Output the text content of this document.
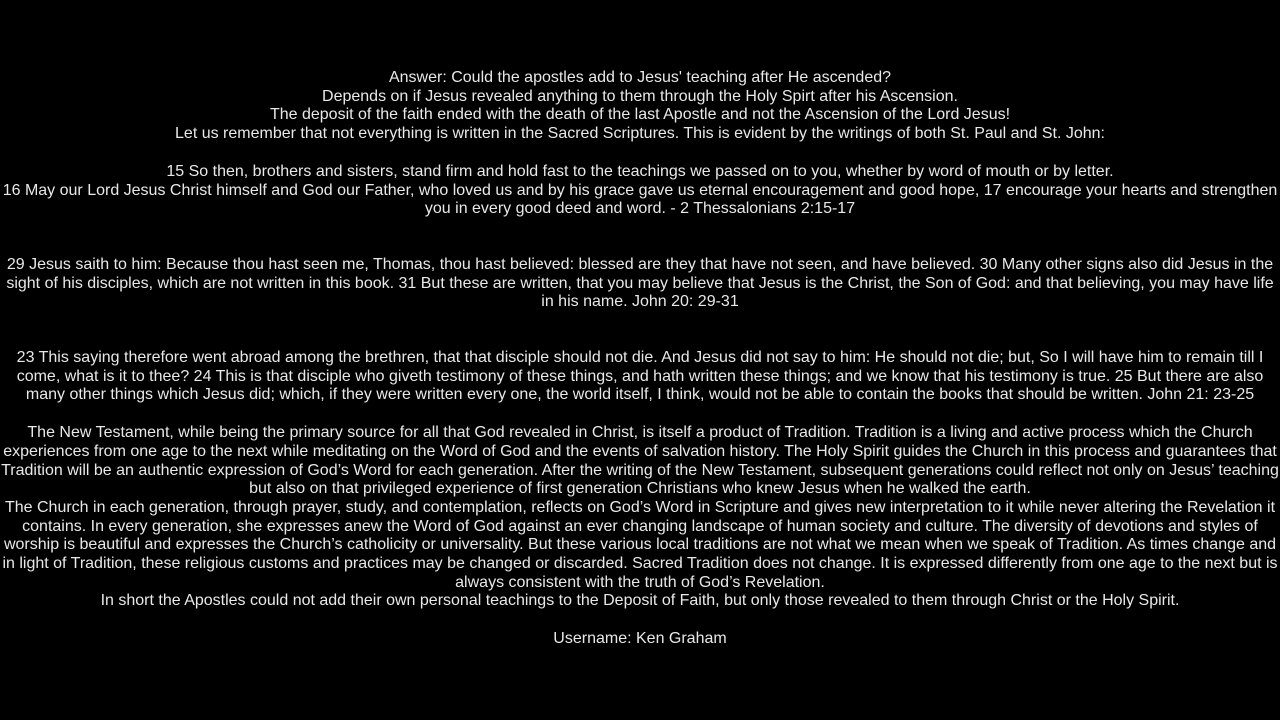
Answer: Could the apostles add to Jesus' teaching after He ascended?
Depends on if Jesus revealed anything to them through the Holy Spirt after his Ascension.
The deposit of the faith ended with the death of the last Apostle and not the Ascension of the Lord Jesus!
Let us remember that not everything is written in the Sacred Scriptures. This is evident by the writings of both St. Paul and St. John:

15 So then, brothers and sisters, stand firm and hold fast to the teachings we passed on to you, whether by word of mouth or by letter.
16 May our Lord Jesus Christ himself and God our Father, who loved us and by his grace gave us eternal encouragement and good hope, 17 encourage your hearts and strengthen
you in every good deed and word. - 2 Thessalonians 2:15-17

29 Jesus saith to him: Because thou hast seen me, Thomas, thou hast believed: blessed are they that have not seen, and have believed. 30 Many other signs also did Jesus in the
sight of his disciples, which are not written in this book. 31 But these are written, that you may believe that Jesus is the Christ, the Son of God: and that believing, you may have life
in his name. John 20: 29-31

23 This saying therefore went abroad among the brethren, that that disciple should not die. And Jesus did not say to him: He should not die; but, So I will have him to remain till I
come, what is it to thee? 24 This is that disciple who giveth testimony of these things, and hath written these things; and we know that his testimony is true. 25 But there are also
many other things which Jesus did; which, if they were written every one, the world itself, I think, would not be able to contain the books that should be written. John 21: 23-25

The New Testament, while being the primary source for all that God revealed in Christ, is itself a product of Tradition. Tradition is a living and active process which the Church
experiences from one age to the next while meditating on the Word of God and the events of salvation history. The Holy Spirit guides the Church in this process and guarantees that
Tradition will be an authentic expression of God’s Word for each generation. After the writing of the New Testament, subsequent generations could reflect not only on Jesus’ teaching
but also on that privileged experience of first generation Christians who knew Jesus when he walked the earth.
The Church in each generation, through prayer, study, and contemplation, reflects on God’s Word in Scripture and gives new interpretation to it while never altering the Revelation it
contains. In every generation, she expresses anew the Word of God against an ever changing landscape of human society and culture. The diversity of devotions and styles of
worship is beautiful and expresses the Church’s catholicity or universality. But these various local traditions are not what we mean when we speak of Tradition. As times change and
in light of Tradition, these religious customs and practices may be changed or discarded. Sacred Tradition does not change. It is expressed differently from one age to the next but is
always consistent with the truth of God’s Revelation.
In short the Apostles could not add their own personal teachings to the Deposit of Faith, but only those revealed to them through Christ or the Holy Spirit.

Username: Ken Graham
